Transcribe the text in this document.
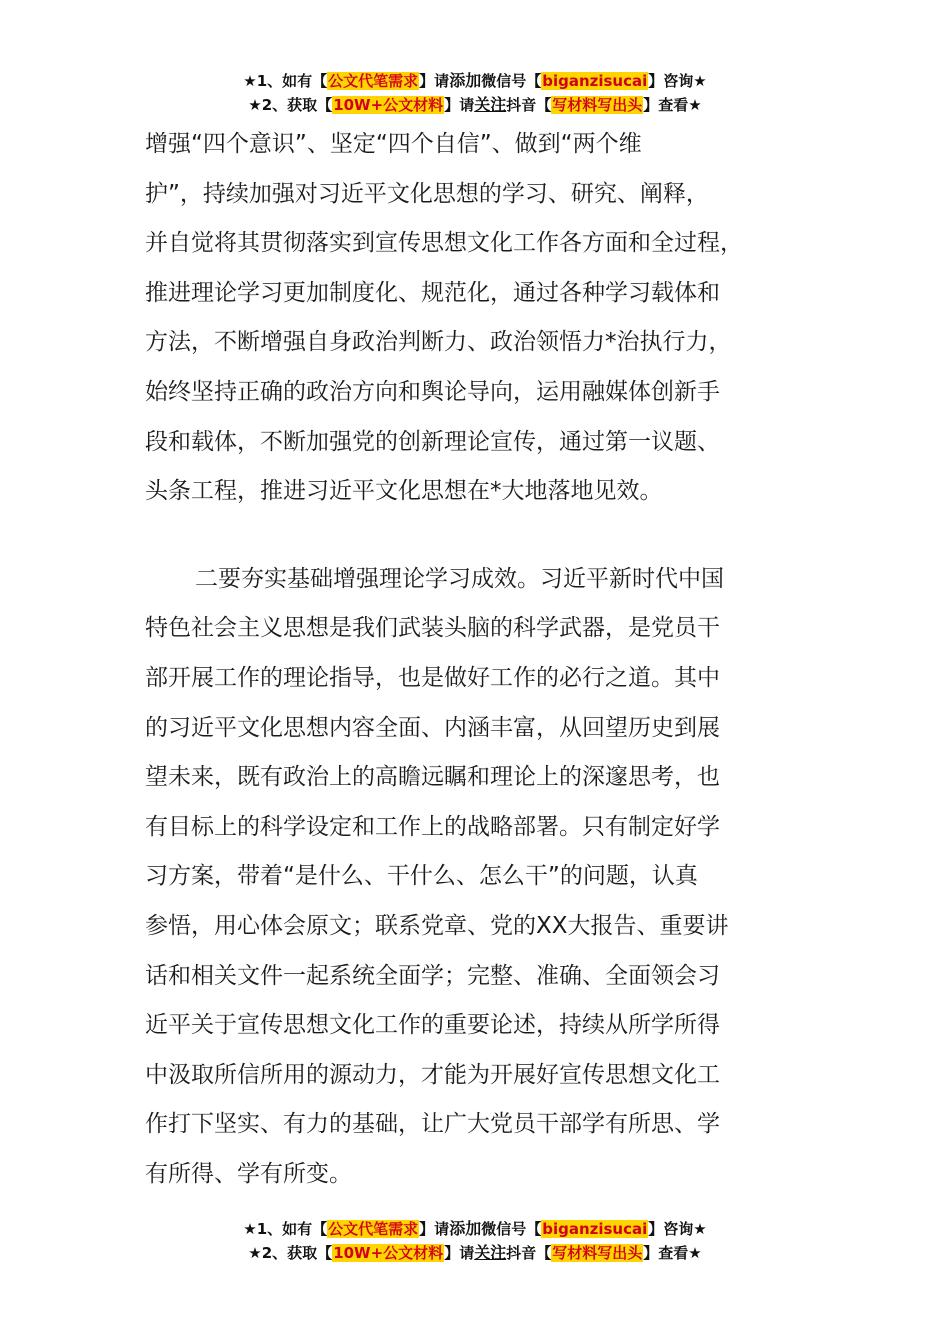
★1、如有【公文代笔需求】请添加微信号【biganzisucai】咨询★
★2、获取【10W+公文材料】请关注抖音【写材料写出头】查看★

增强“四个意识”、坚定“四个自信”、做到“两个维
护”，持续加强对习近平文化思想的学习、研究、阐释，
并自觉将其贯彻落实到宣传思想文化工作各方面和全过程，
推进理论学习更加制度化、规范化，通过各种学习载体和
方法，不断增强自身政治判断力、政治领悟力*治执行力，
始终坚持正确的政治方向和舆论导向，运用融媒体创新手
段和载体，不断加强党的创新理论宣传，通过第一议题、
头条工程，推进习近平文化思想在*大地落地见效。

二要夯实基础增强理论学习成效。习近平新时代中国
特色社会主义思想是我们武装头脑的科学武器，是党员干
部开展工作的理论指导，也是做好工作的必行之道。其中
的习近平文化思想内容全面、内涵丰富，从回望历史到展
望未来，既有政治上的高瞻远瞩和理论上的深邃思考，也
有目标上的科学设定和工作上的战略部署。只有制定好学
习方案，带着“是什么、干什么、怎么干”的问题，认真
参悟，用心体会原文；联系党章、党的XX大报告、重要讲
话和相关文件一起系统全面学；完整、准确、全面领会习
近平关于宣传思想文化工作的重要论述，持续从所学所得
中汲取所信所用的源动力，才能为开展好宣传思想文化工
作打下坚实、有力的基础，让广大党员干部学有所思、学
有所得、学有所变。

★1、如有【公文代笔需求】请添加微信号【biganzisucai】咨询★
★2、获取【10W+公文材料】请关注抖音【写材料写出头】查看★
